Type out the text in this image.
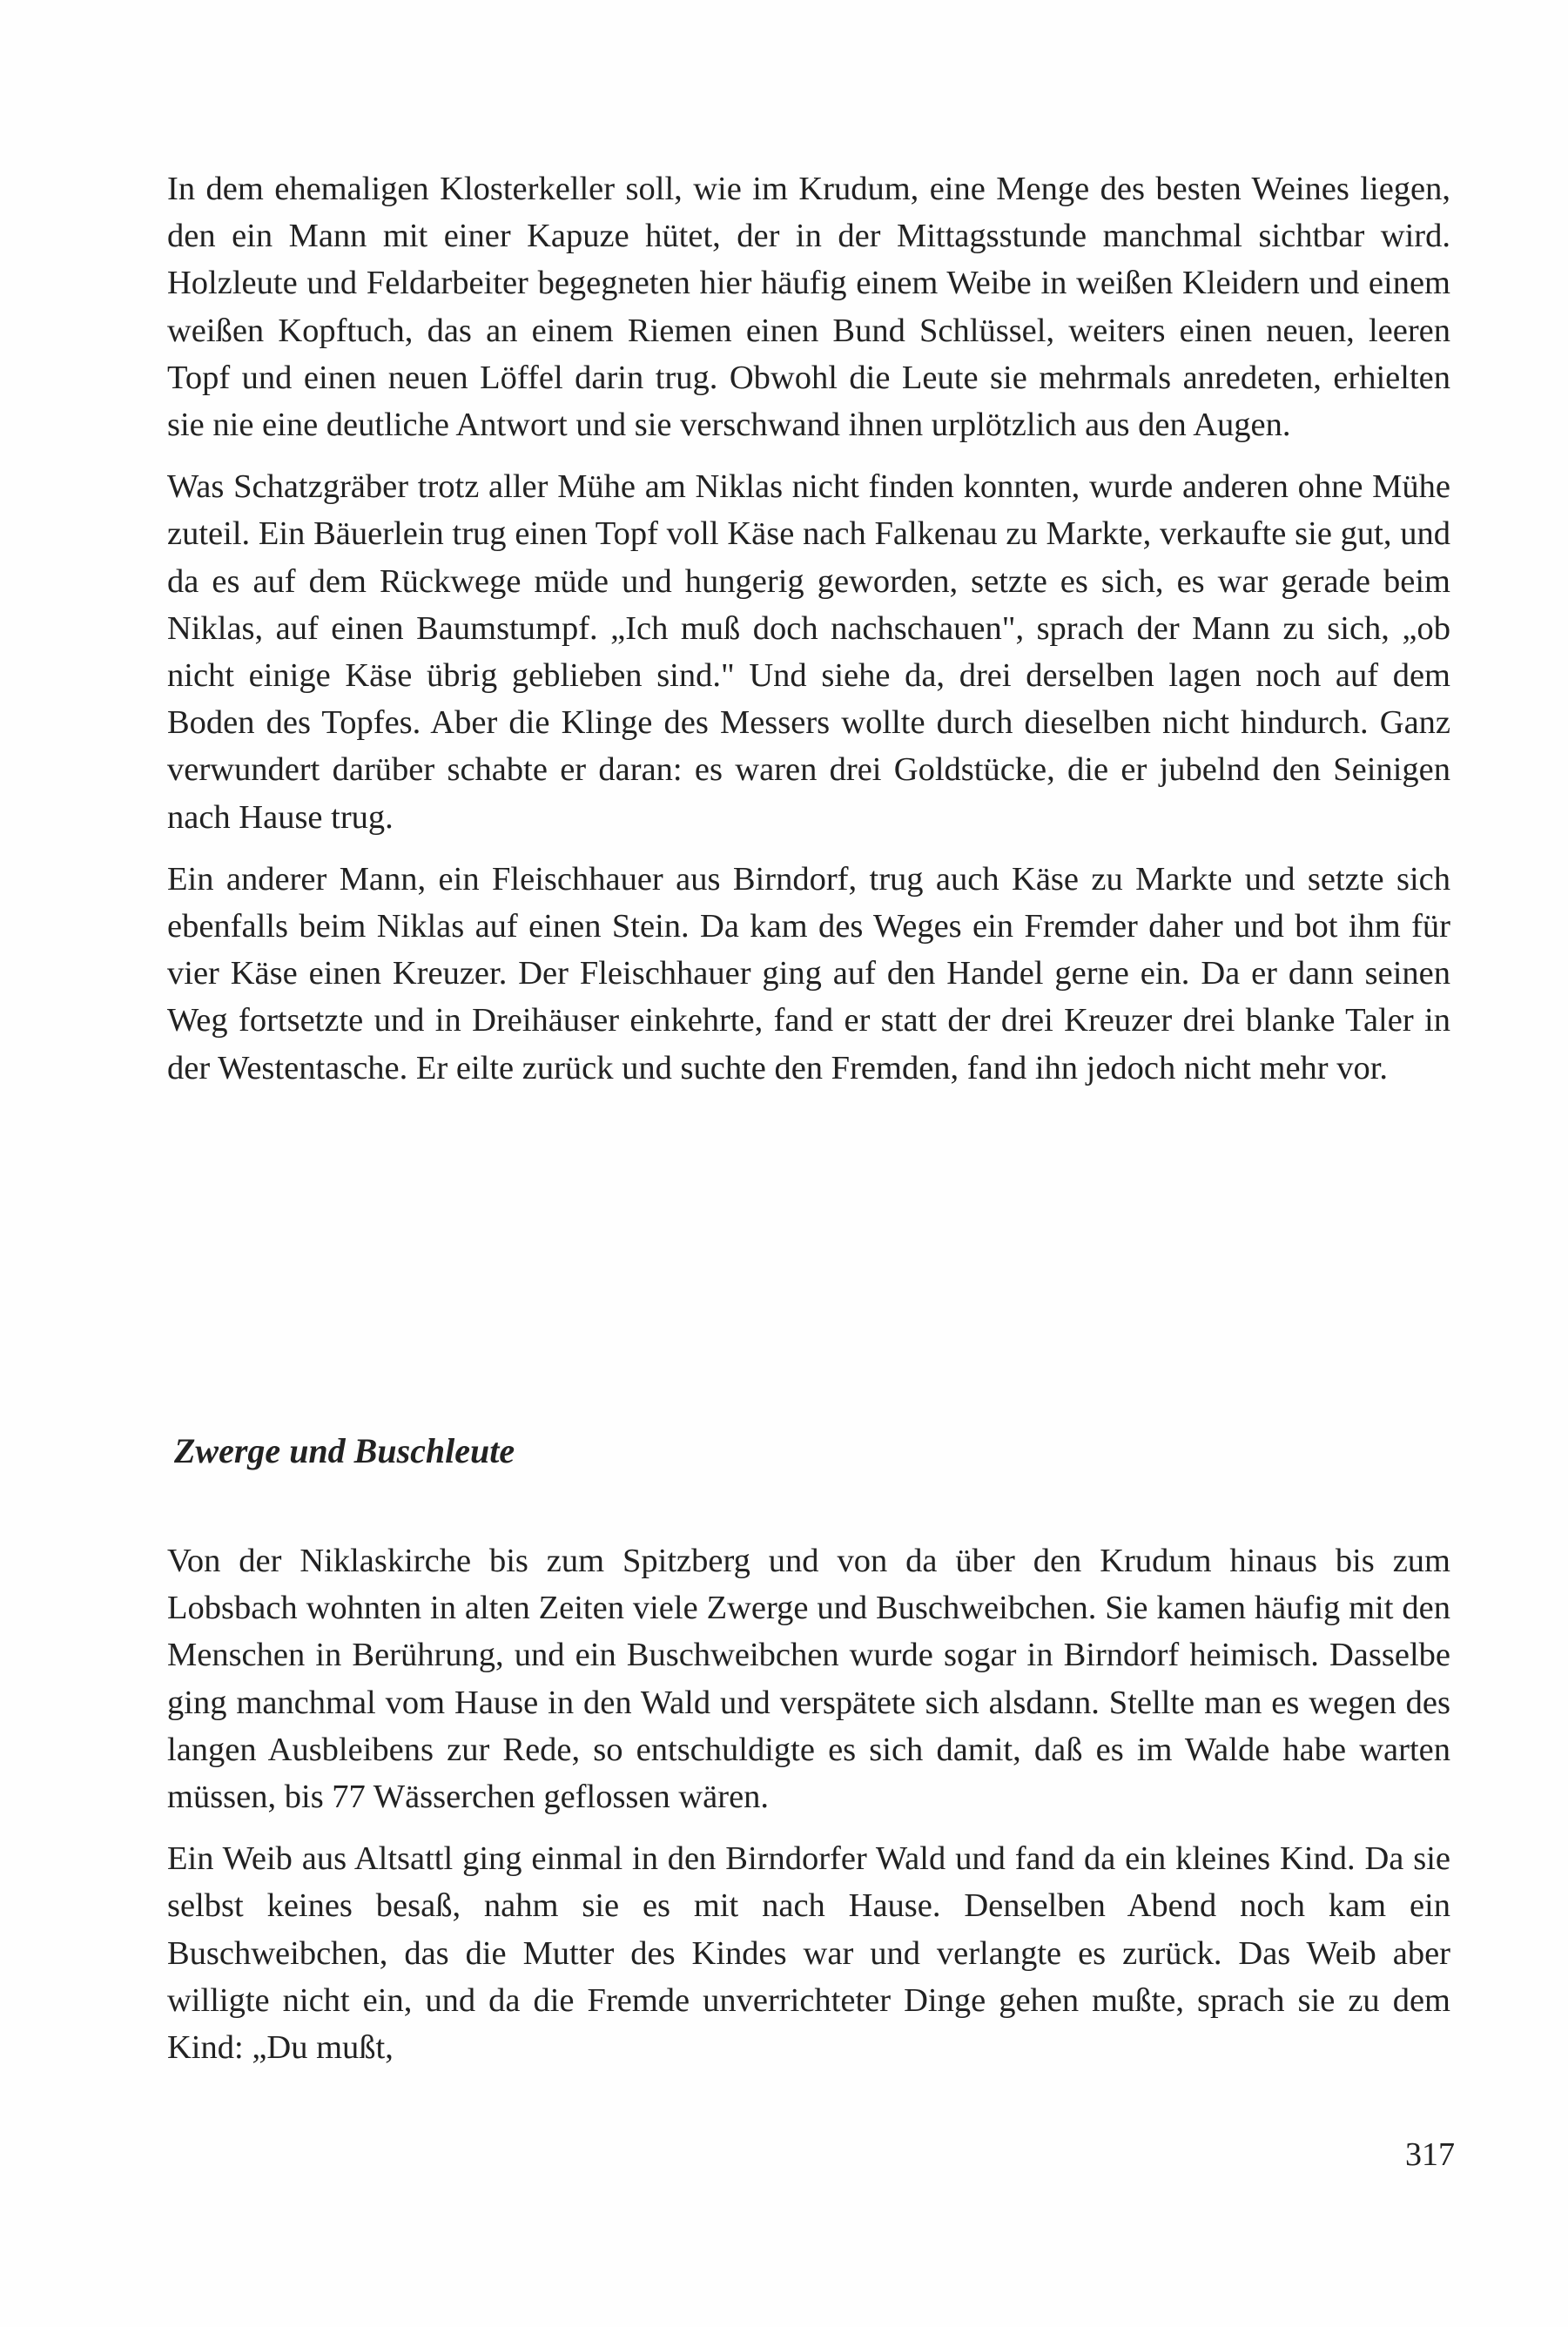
In dem ehemaligen Klosterkeller soll, wie im Krudum, eine Menge des besten Weines liegen, den ein Mann mit einer Kapuze hütet, der in der Mittagsstunde manchmal sichtbar wird. Holzleute und Feldarbeiter begegneten hier häufig einem Weibe in weißen Kleidern und einem weißen Kopftuch, das an einem Riemen einen Bund Schlüssel, weiters einen neuen, leeren Topf und einen neuen Löffel darin trug. Obwohl die Leute sie mehrmals anredeten, erhielten sie nie eine deutliche Antwort und sie verschwand ihnen urplötzlich aus den Augen.

Was Schatzgräber trotz aller Mühe am Niklas nicht finden konnten, wurde anderen ohne Mühe zuteil. Ein Bäuerlein trug einen Topf voll Käse nach Falkenau zu Markte, verkaufte sie gut, und da es auf dem Rückwege müde und hungerig geworden, setzte es sich, es war gerade beim Niklas, auf einen Baumstumpf. „Ich muß doch nachschauen", sprach der Mann zu sich, „ob nicht einige Käse übrig geblieben sind." Und siehe da, drei derselben lagen noch auf dem Boden des Topfes. Aber die Klinge des Messers wollte durch dieselben nicht hindurch. Ganz verwundert darüber schabte er daran: es waren drei Goldstücke, die er jubelnd den Seinigen nach Hause trug.

Ein anderer Mann, ein Fleischhauer aus Birndorf, trug auch Käse zu Markte und setzte sich ebenfalls beim Niklas auf einen Stein. Da kam des Weges ein Fremder daher und bot ihm für vier Käse einen Kreuzer. Der Fleischhauer ging auf den Handel gerne ein. Da er dann seinen Weg fortsetzte und in Dreihäuser einkehrte, fand er statt der drei Kreuzer drei blanke Taler in der Westentasche. Er eilte zurück und suchte den Fremden, fand ihn jedoch nicht mehr vor.

Zwerge und Buschleute

Von der Niklaskirche bis zum Spitzberg und von da über den Krudum hinaus bis zum Lobsbach wohnten in alten Zeiten viele Zwerge und Buschweibchen. Sie kamen häufig mit den Menschen in Berührung, und ein Buschweibchen wurde sogar in Birndorf heimisch. Dasselbe ging manchmal vom Hause in den Wald und verspätete sich alsdann. Stellte man es wegen des langen Ausbleibens zur Rede, so entschuldigte es sich damit, daß es im Walde habe warten müssen, bis 77 Wässerchen geflossen wären.

Ein Weib aus Altsattl ging einmal in den Birndorfer Wald und fand da ein kleines Kind. Da sie selbst keines besaß, nahm sie es mit nach Hause. Denselben Abend noch kam ein Buschweibchen, das die Mutter des Kindes war und verlangte es zurück. Das Weib aber willigte nicht ein, und da die Fremde unverrichteter Dinge gehen mußte, sprach sie zu dem Kind: „Du mußt,

317
